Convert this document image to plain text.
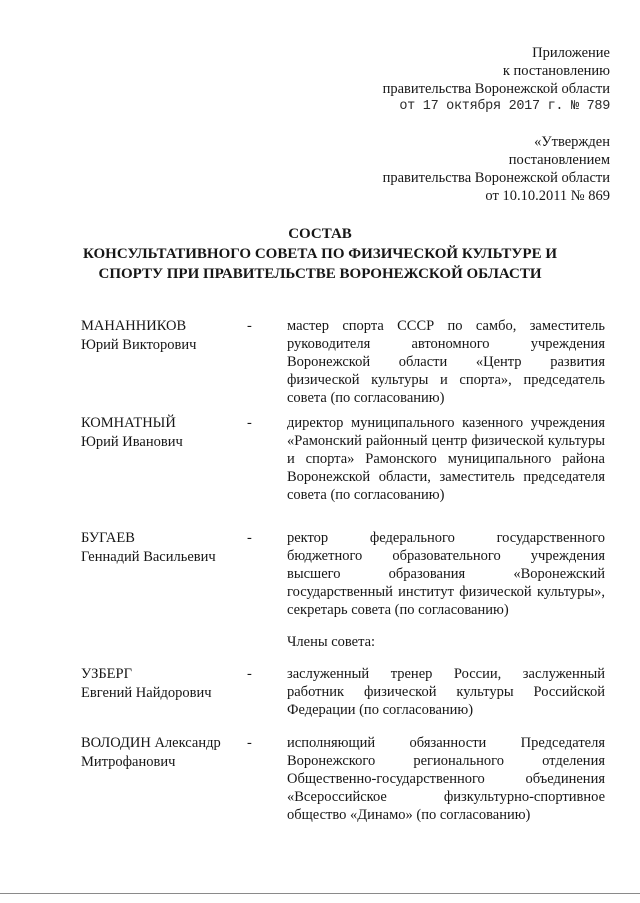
Приложение
к постановлению
правительства Воронежской области
от 17 октября 2017 г. № 789
«Утвержден
постановлением
правительства Воронежской области
от 10.10.2011 № 869
СОСТАВ
КОНСУЛЬТАТИВНОГО СОВЕТА ПО ФИЗИЧЕСКОЙ КУЛЬТУРЕ И
СПОРТУ ПРИ ПРАВИТЕЛЬСТВЕ ВОРОНЕЖСКОЙ ОБЛАСТИ
МАНАННИКОВ
Юрий Викторович
- мастер спорта СССР по самбо, заместитель руководителя автономного учреждения Воронежской области «Центр развития физической культуры и спорта», председатель совета (по согласованию)
КОМНАТНЫЙ
Юрий Иванович
- директор муниципального казенного учреждения «Рамонский районный центр физической культуры и спорта» Рамонского муниципального района Воронежской области, заместитель председателя совета (по согласованию)
БУГАЕВ
Геннадий Васильевич
- ректор федерального государственного бюджетного образовательного учреждения высшего образования «Воронежский государственный институт физической культуры», секретарь совета (по согласованию)
Члены совета:
УЗБЕРГ
Евгений Найдорович
- заслуженный тренер России, заслуженный работник физической культуры Российской Федерации (по согласованию)
ВОЛОДИН Александр
Митрофанович
- исполняющий обязанности Председателя Воронежского регионального отделения Общественно-государственного объединения «Всероссийское физкультурно-спортивное общество «Динамо» (по согласованию)
